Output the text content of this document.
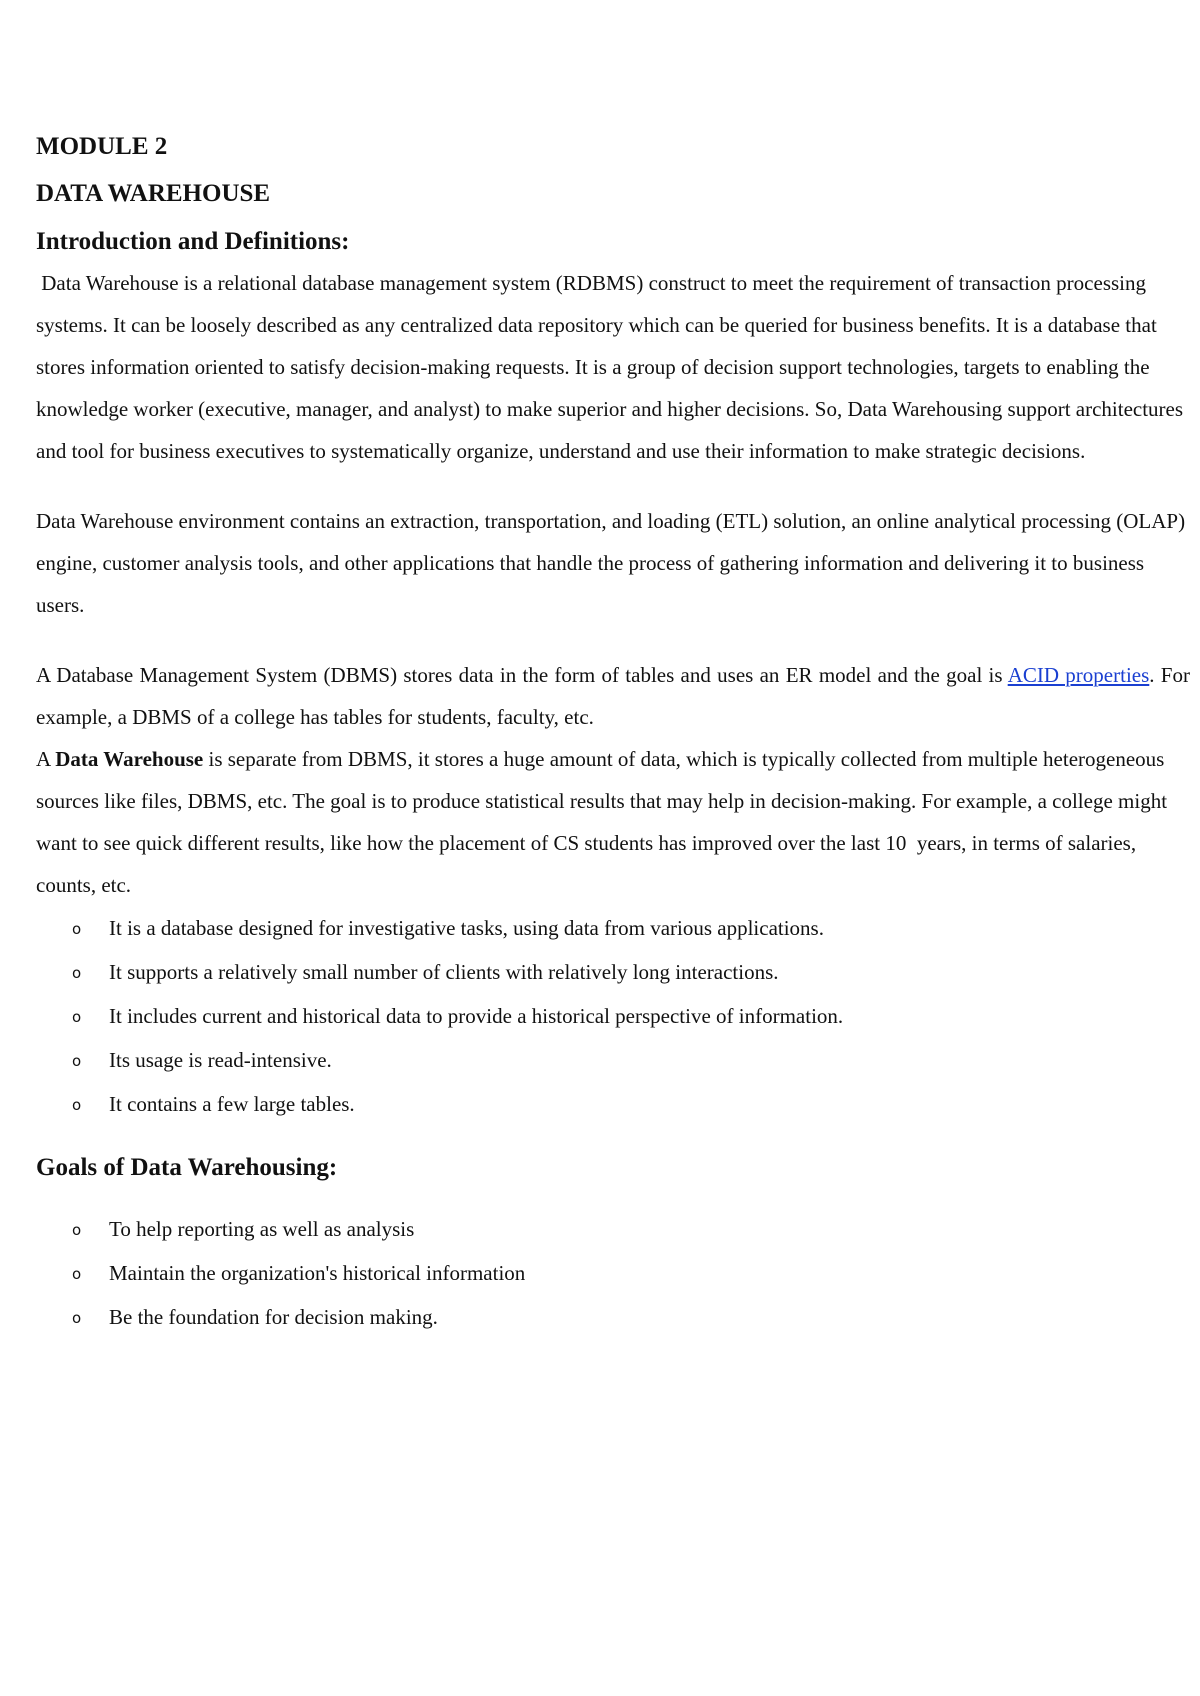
MODULE 2
DATA WAREHOUSE
Introduction and Definitions:

Data Warehouse is a relational database management system (RDBMS) construct to meet the requirement of transaction processing systems. It can be loosely described as any centralized data repository which can be queried for business benefits. It is a database that stores information oriented to satisfy decision-making requests. It is a group of decision support technologies, targets to enabling the knowledge worker (executive, manager, and analyst) to make superior and higher decisions. So, Data Warehousing support architectures and tool for business executives to systematically organize, understand and use their information to make strategic decisions.

Data Warehouse environment contains an extraction, transportation, and loading (ETL) solution, an online analytical processing (OLAP) engine, customer analysis tools, and other applications that handle the process of gathering information and delivering it to business users.

A Database Management System (DBMS) stores data in the form of tables and uses an ER model and the goal is ACID properties. For example, a DBMS of a college has tables for students, faculty, etc.

A Data Warehouse is separate from DBMS, it stores a huge amount of data, which is typically collected from multiple heterogeneous sources like files, DBMS, etc. The goal is to produce statistical results that may help in decision-making. For example, a college might want to see quick different results, like how the placement of CS students has improved over the last 10  years, in terms of salaries, counts, etc.

o It is a database designed for investigative tasks, using data from various applications.
o It supports a relatively small number of clients with relatively long interactions.
o It includes current and historical data to provide a historical perspective of information.
o Its usage is read-intensive.
o It contains a few large tables.
Goals of Data Warehousing:
o To help reporting as well as analysis
o Maintain the organization's historical information
o Be the foundation for decision making.
